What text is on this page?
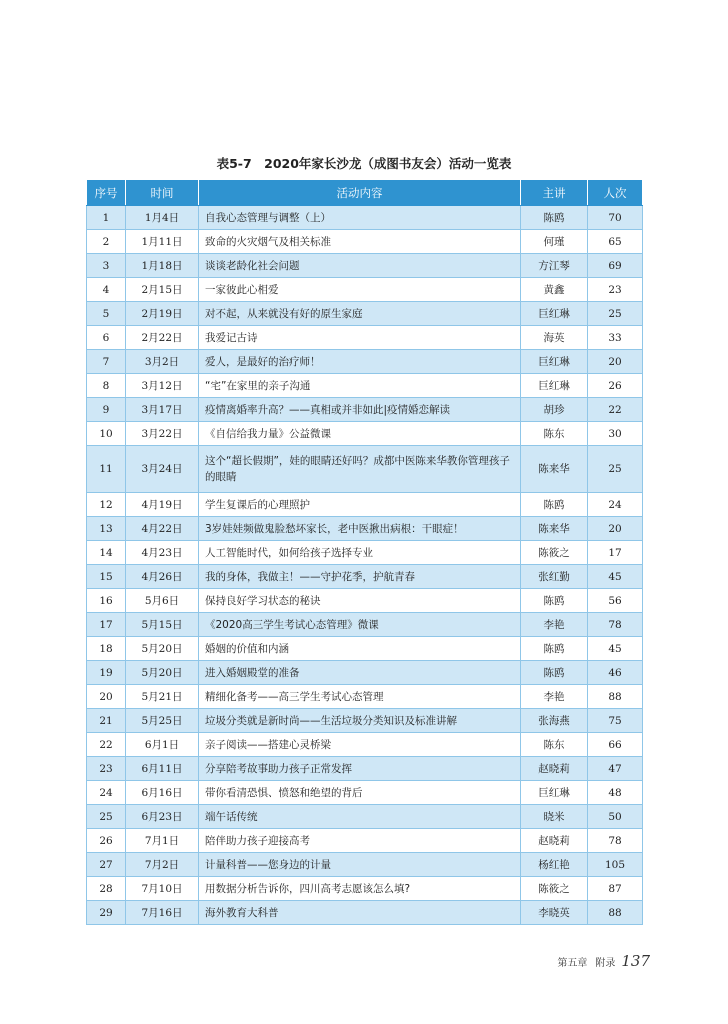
表5-7　2020年家长沙龙（成图书友会）活动一览表
序号	时间	活动内容	主讲	人次
1	1月4日	自我心态管理与调整（上）	陈鸥	70
2	1月11日	致命的火灾烟气及相关标准	何瑾	65
3	1月18日	谈谈老龄化社会问题	方江琴	69
4	2月15日	一家彼此心相爱	黄鑫	23
5	2月19日	对不起，从来就没有好的原生家庭	巨红琳	25
6	2月22日	我爱记古诗	海英	33
7	3月2日	爱人，是最好的治疗师！	巨红琳	20
8	3月12日	“宅”在家里的亲子沟通	巨红琳	26
9	3月17日	疫情离婚率升高？——真相或并非如此|疫情婚恋解读	胡珍	22
10	3月22日	《自信给我力量》公益微课	陈东	30
11	3月24日	这个“超长假期”，娃的眼睛还好吗？成都中医陈来华教你管理孩子的眼睛	陈来华	25
12	4月19日	学生复课后的心理照护	陈鸥	24
13	4月22日	3岁娃娃频做鬼脸愁坏家长，老中医揪出病根：干眼症！	陈来华	20
14	4月23日	人工智能时代，如何给孩子选择专业	陈筱之	17
15	4月26日	我的身体，我做主！——守护花季，护航青春	张红勤	45
16	5月6日	保持良好学习状态的秘诀	陈鸥	56
17	5月15日	《2020高三学生考试心态管理》微课	李艳	78
18	5月20日	婚姻的价值和内涵	陈鸥	45
19	5月20日	进入婚姻殿堂的准备	陈鸥	46
20	5月21日	精细化备考——高三学生考试心态管理	李艳	88
21	5月25日	垃圾分类就是新时尚——生活垃圾分类知识及标准讲解	张海燕	75
22	6月1日	亲子阅读——搭建心灵桥梁	陈东	66
23	6月11日	分享陪考故事助力孩子正常发挥	赵晓莉	47
24	6月16日	带你看清恐惧、愤怒和绝望的背后	巨红琳	48
25	6月23日	端午话传统	晓米	50
26	7月1日	陪伴助力孩子迎接高考	赵晓莉	78
27	7月2日	计量科普——您身边的计量	杨红艳	105
28	7月10日	用数据分析告诉你，四川高考志愿该怎么填?	陈筱之	87
29	7月16日	海外教育大科普	李晓英	88
第五章 附录 137
